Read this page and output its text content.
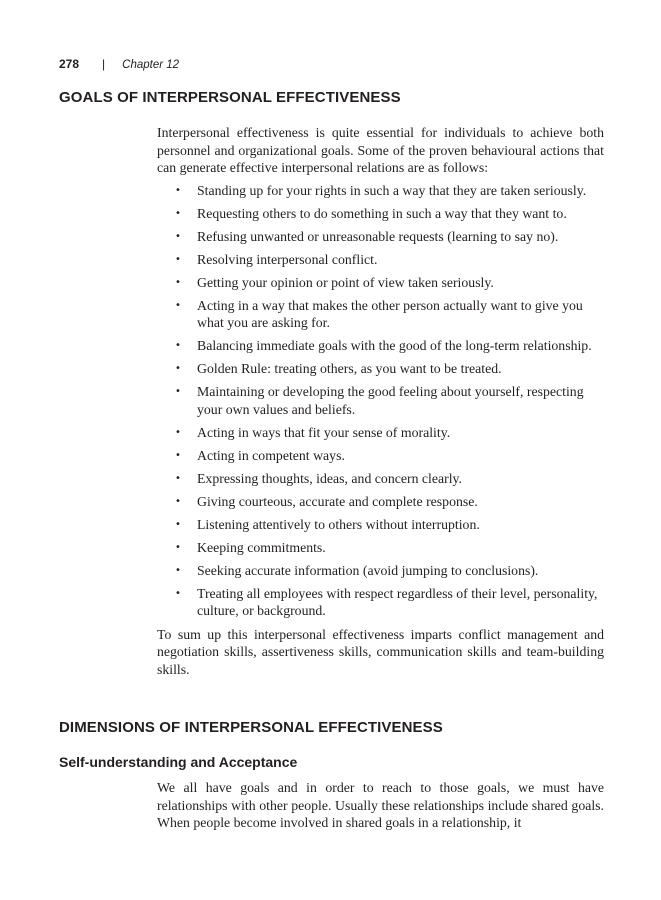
278 | Chapter 12
GOALS OF INTERPERSONAL EFFECTIVENESS

Interpersonal effectiveness is quite essential for individuals to achieve both personnel and organizational goals. Some of the proven behavioural actions that can generate effective interpersonal relations are as follows:

• Standing up for your rights in such a way that they are taken seriously.
• Requesting others to do something in such a way that they want to.
• Refusing unwanted or unreasonable requests (learning to say no).
• Resolving interpersonal conflict.
• Getting your opinion or point of view taken seriously.
• Acting in a way that makes the other person actually want to give you what you are asking for.
• Balancing immediate goals with the good of the long-term relationship.
• Golden Rule: treating others, as you want to be treated.
• Maintaining or developing the good feeling about yourself, respecting your own values and beliefs.
• Acting in ways that fit your sense of morality.
• Acting in competent ways.
• Expressing thoughts, ideas, and concern clearly.
• Giving courteous, accurate and complete response.
• Listening attentively to others without interruption.
• Keeping commitments.
• Seeking accurate information (avoid jumping to conclusions).
• Treating all employees with respect regardless of their level, personality, culture, or background.

To sum up this interpersonal effectiveness imparts conflict management and negotiation skills, assertiveness skills, communication skills and team-building skills.

DIMENSIONS OF INTERPERSONAL EFFECTIVENESS
Self-understanding and Acceptance

We all have goals and in order to reach to those goals, we must have relationships with other people. Usually these relationships include shared goals. When people become involved in shared goals in a relationship, it
